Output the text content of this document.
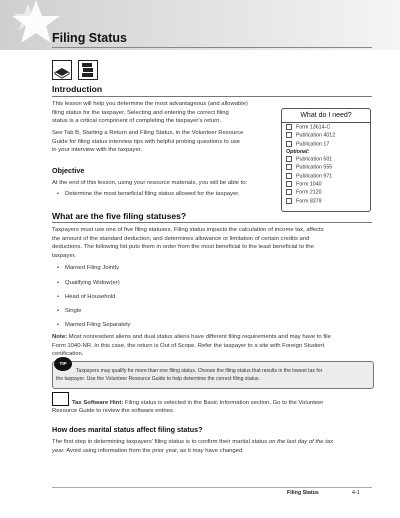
Filing Status

Introduction
This lesson will help you determine the most advantageous (and allowable)
filing status for the taxpayer. Selecting and entering the correct filing
status is a critical component of completing the taxpayer's return.
See Tab B, Starting a Return and Filing Status, in the Volunteer Resource
Guide for filing status interview tips with helpful probing questions to use
in your interview with the taxpayer.
Objective
At the end of this lesson, using your resource materials, you will be able to:
• Determine the most beneficial filing status allowed for the taxpayer.
What do I need?
Form 13614-C
Publication 4012
Publication 17
Optional:
Publication 501
Publication 555
Publication 971
Form 1040
Form 2120
Form 8379
What are the five filing statuses?
Taxpayers must use one of five filing statuses. Filing status impacts the calculation of income tax, affects
the amount of the standard deduction, and determines allowance or limitation of certain credits and
deductions. The following list puts them in order from the most beneficial to the least beneficial to the
taxpayer.
• Married Filing Jointly
• Qualifying Widow(er)
• Head of Household
• Single
• Married Filing Separately
Note: Most nonresident aliens and dual status aliens have different filing requirements and may have to file
Form 1040-NR. In this case, the return is Out of Scope. Refer the taxpayer to a site with Foreign Student
certification.
TIP
Taxpayers may qualify for more than one filing status. Choose the filing status that results in the lowest tax for
the taxpayer. Use the Volunteer Resource Guide to help determine the correct filing status.
Tax Software Hint: Filing status is selected in the Basic Information section. Go to the Volunteer
Resource Guide to review the software entries.
How does marital status affect filing status?
The first step in determining taxpayers' filing status is to confirm their marital status on the last day of the tax
year. Avoid using information from the prior year, as it may have changed.
Filing Status	4-1
